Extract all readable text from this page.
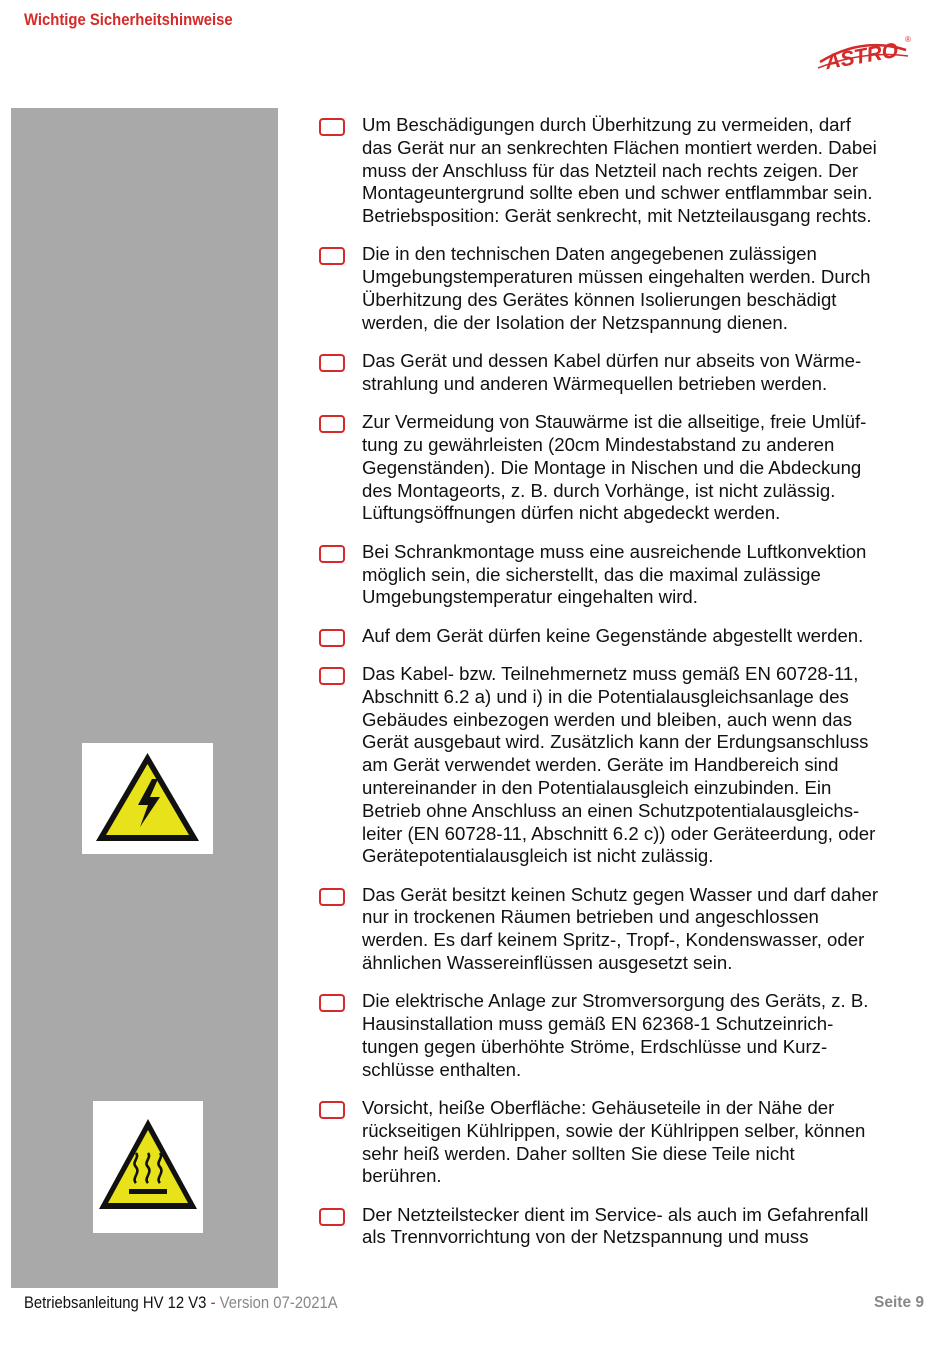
Wichtige Sicherheitshinweise
ASTRO ®
Um Beschädigungen durch Überhitzung zu vermeiden, darf
das Gerät nur an senkrechten Flächen montiert werden. Dabei
muss der Anschluss für das Netzteil nach rechts zeigen. Der
Montageuntergrund sollte eben und schwer entflammbar sein.
Betriebsposition: Gerät senkrecht, mit Netzteilausgang rechts.
Die in den technischen Daten angegebenen zulässigen
Umgebungstemperaturen müssen eingehalten werden. Durch
Überhitzung des Gerätes können Isolierungen beschädigt
werden, die der Isolation der Netzspannung dienen.
Das Gerät und dessen Kabel dürfen nur abseits von Wärme-
strahlung und anderen Wärmequellen betrieben werden.
Zur Vermeidung von Stauwärme ist die allseitige, freie Umlüf-
tung zu gewährleisten (20cm Mindestabstand zu anderen
Gegenständen). Die Montage in Nischen und die Abdeckung
des Montageorts, z. B. durch Vorhänge, ist nicht zulässig.
Lüftungsöffnungen dürfen nicht abgedeckt werden.
Bei Schrankmontage muss eine ausreichende Luftkonvektion
möglich sein, die sicherstellt, das die maximal zulässige
Umgebungstemperatur eingehalten wird.
Auf dem Gerät dürfen keine Gegenstände abgestellt werden.
Das Kabel- bzw. Teilnehmernetz muss gemäß EN 60728-11,
Abschnitt 6.2 a) und i) in die Potentialausgleichsanlage des
Gebäudes einbezogen werden und bleiben, auch wenn das
Gerät ausgebaut wird. Zusätzlich kann der Erdungsanschluss
am Gerät verwendet werden. Geräte im Handbereich sind
untereinander in den Potentialausgleich einzubinden. Ein
Betrieb ohne Anschluss an einen Schutzpotentialausgleichs-
leiter (EN 60728-11, Abschnitt 6.2 c)) oder Geräteerdung, oder
Gerätepotentialausgleich ist nicht zulässig.
Das Gerät besitzt keinen Schutz gegen Wasser und darf daher
nur in trockenen Räumen betrieben und angeschlossen
werden. Es darf keinem Spritz-, Tropf-, Kondenswasser, oder
ähnlichen Wassereinflüssen ausgesetzt sein.
Die elektrische Anlage zur Stromversorgung des Geräts, z. B.
Hausinstallation muss gemäß EN 62368-1 Schutzeinrich-
tungen gegen überhöhte Ströme, Erdschlüsse und Kurz-
schlüsse enthalten.
Vorsicht, heiße Oberfläche: Gehäuseteile in der Nähe der
rückseitigen Kühlrippen, sowie der Kühlrippen selber, können
sehr heiß werden. Daher sollten Sie diese Teile nicht
berühren.
Der Netzteilstecker dient im Service- als auch im Gefahrenfall
als Trennvorrichtung von der Netzspannung und muss
Betriebsanleitung HV 12 V3 - Version 07-2021A	Seite 9
